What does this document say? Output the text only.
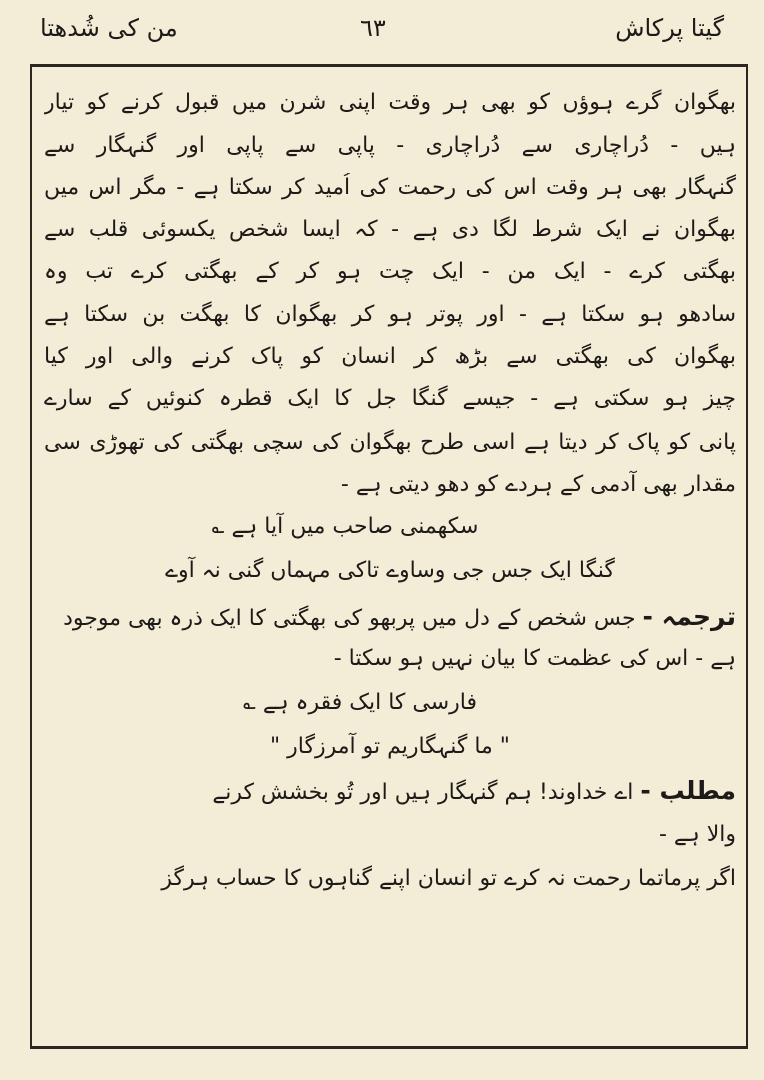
گیتا پرکاش
٦٣
من کی شُدھتا
بھگوان گرے ہوؤں کو بھی ہر وقت اپنی شرن میں قبول کرنے کو تیار
ہیں - دُراچاری سے دُراچاری - پاپی سے پاپی اور گنہگار سے
گنہگار بھی ہر وقت اس کی رحمت کی اُمید کر سکتا ہے - مگر اس میں
بھگوان نے ایک شرط لگا دی ہے - کہ ایسا شخص یکسوئی قلب سے
بھگتی کرے - ایک من - ایک چت ہو کر کے بھگتی کرے تب وہ
سادھو ہو سکتا ہے - اور پوتر ہو کر بھگوان کا بھگت بن سکتا ہے
بھگوان کی بھگتی سے بڑھ کر انسان کو پاک کرنے والی اور کیا
چیز ہو سکتی ہے - جیسے گنگا جل کا ایک قطرہ کنوئیں کے سارے
پانی کو پاک کر دیتا ہے اسی طرح بھگوان کی سچی بھگتی کی تھوڑی سی
مقدار بھی آدمی کے ہردے کو دھو دیتی ہے -
سکھمنی صاحب میں آیا ہے ؎
گنگا ایک جس جی وساوے تاکی مہماں گنی نہ آوے
ترجمہ - جس شخص کے دل میں پربھو کی بھگتی کا ایک ذرہ بھی موجود
ہے - اس کی عظمت کا بیان نہیں ہو سکتا -
فارسی کا ایک فقرہ ہے ؎
" ما گنہگاریم تو آمرزگار "
مطلب - اے خداوند! ہم گنہگار ہیں اور تُو بخشش کرنے
والا ہے -
اگر پرماتما رحمت نہ کرے تو انسان اپنے گناہوں کا حساب ہرگز
